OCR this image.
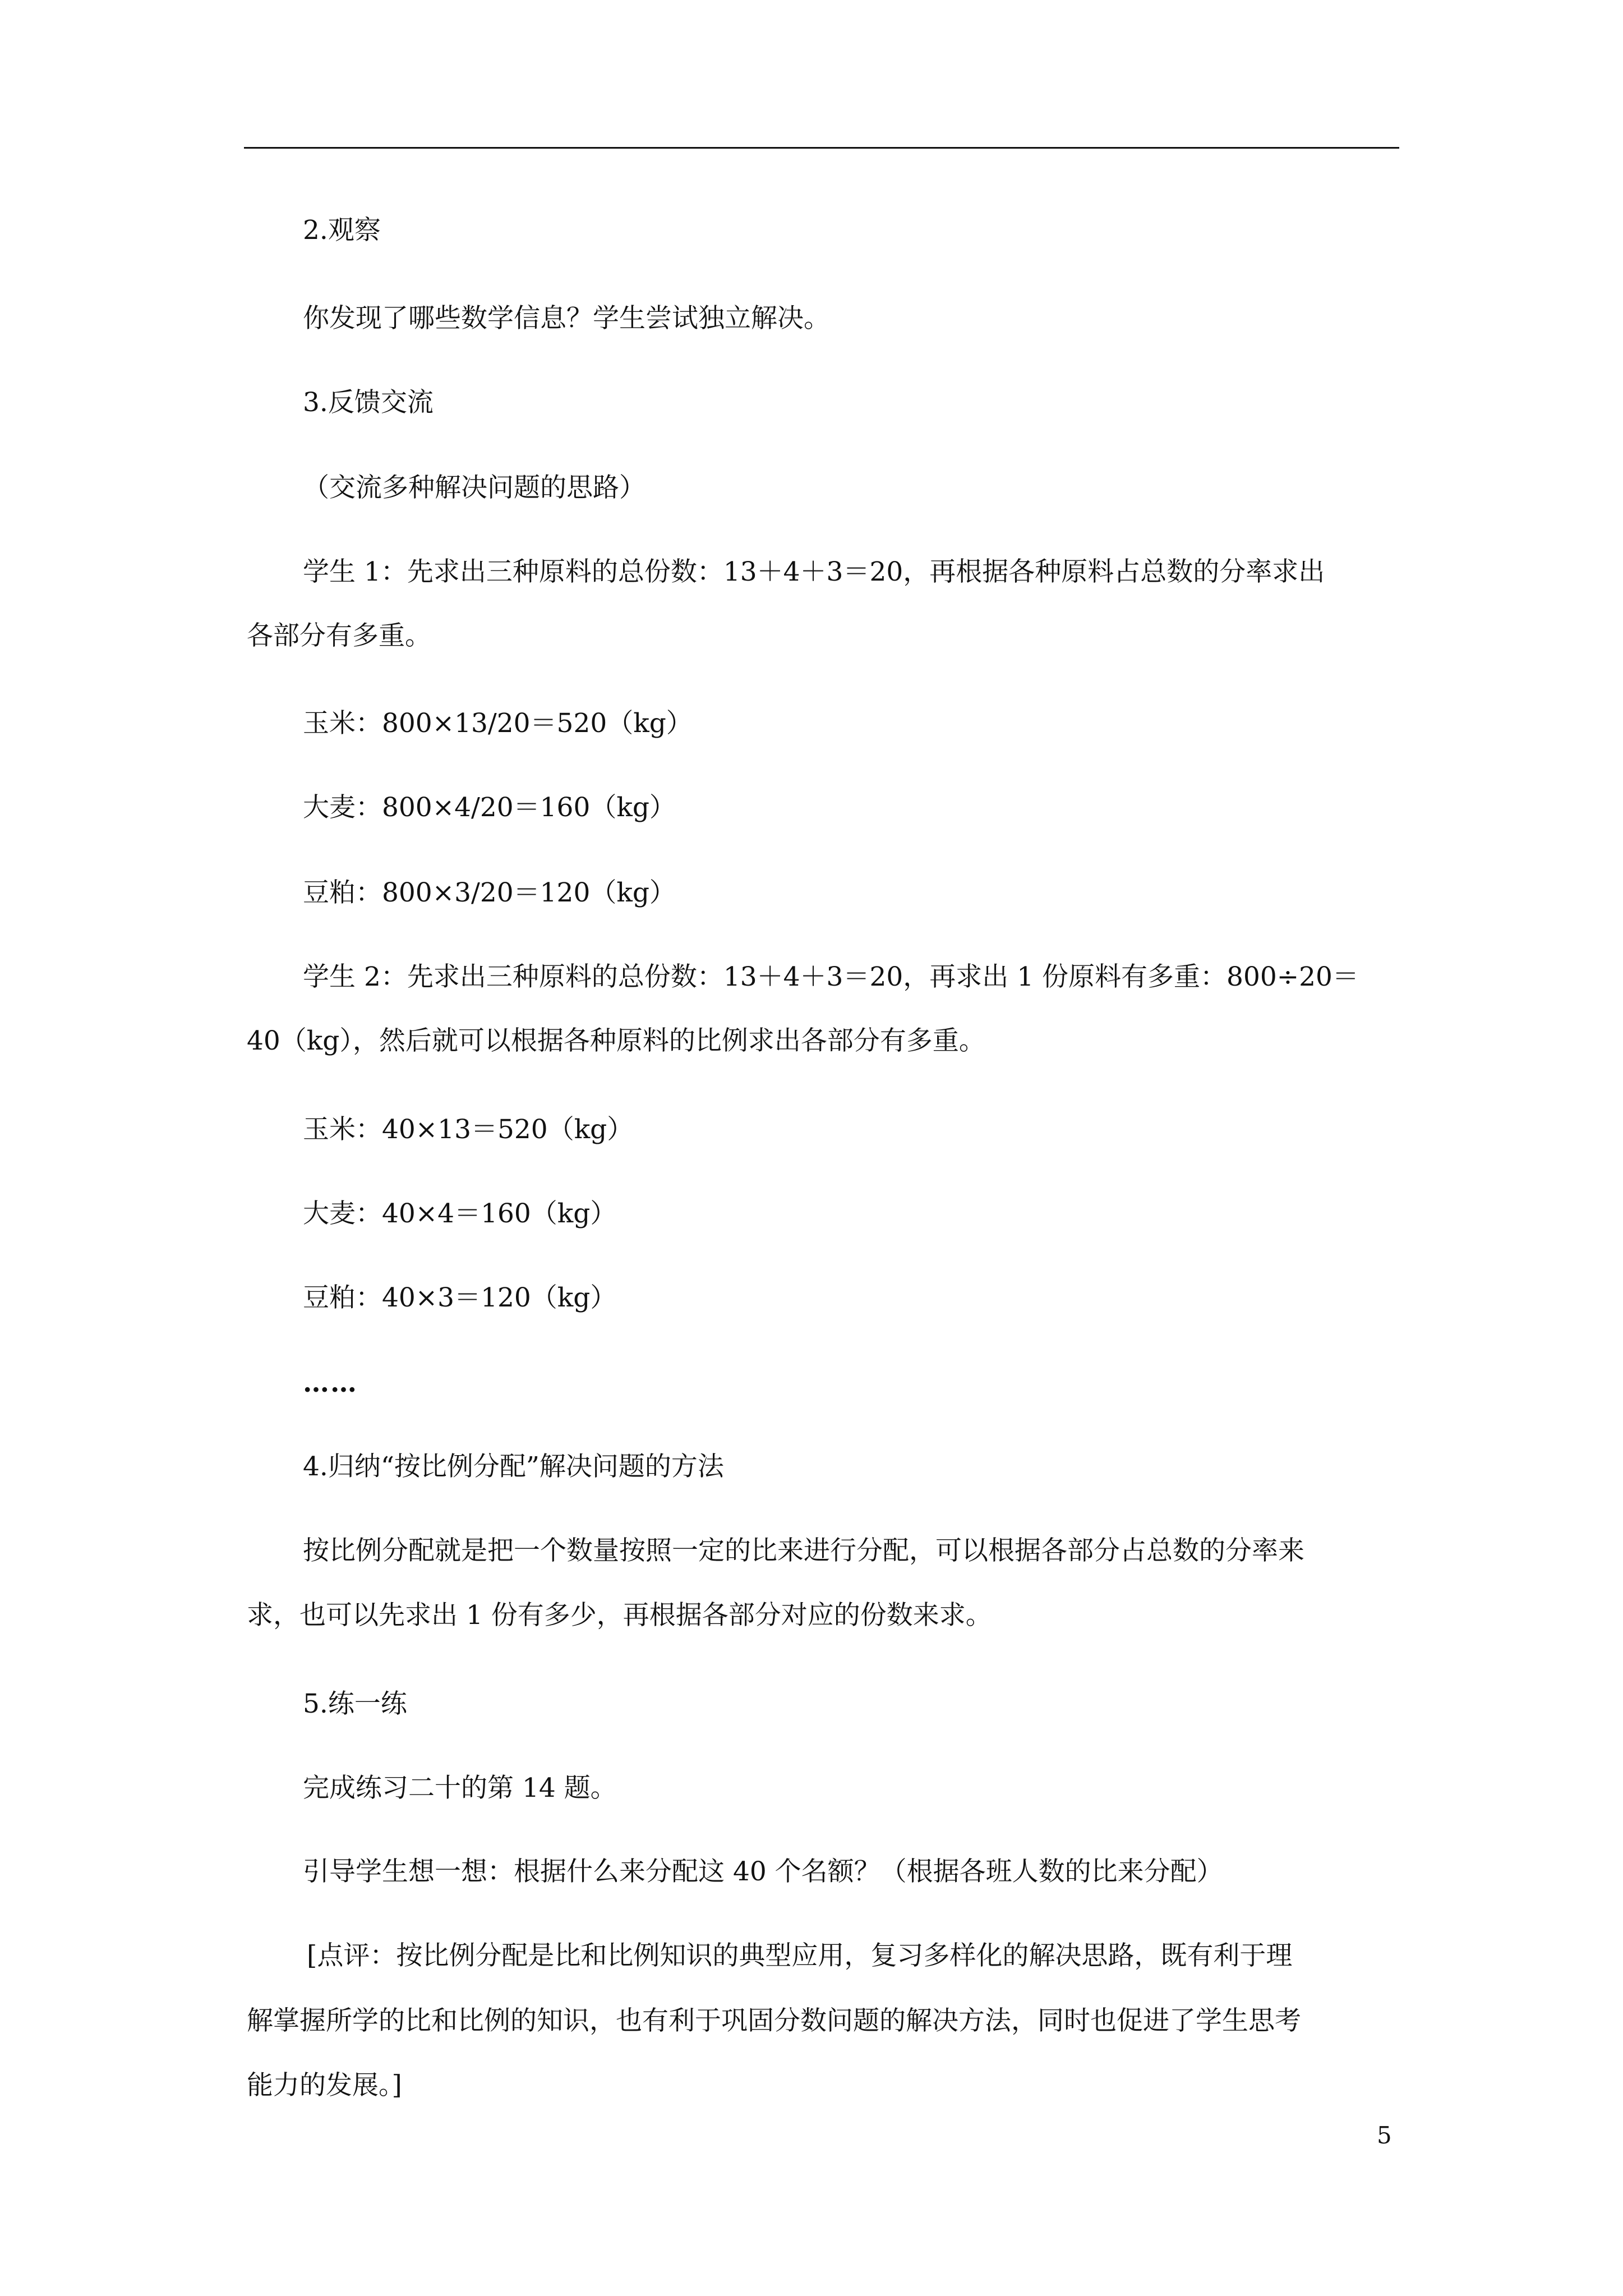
2.观察
你发现了哪些数学信息？学生尝试独立解决。
3.反馈交流
（交流多种解决问题的思路）
学生 1：先求出三种原料的总份数：13＋4＋3＝20，再根据各种原料占总数的分率求出
各部分有多重。
玉米：800×13/20＝520（kg）
大麦：800×4/20＝160（kg）
豆粕：800×3/20＝120（kg）
学生 2：先求出三种原料的总份数：13＋4＋3＝20，再求出 1 份原料有多重：800÷20＝
40（kg），然后就可以根据各种原料的比例求出各部分有多重。
玉米：40×13＝520（kg）
大麦：40×4＝160（kg）
豆粕：40×3＝120（kg）
……
4.归纳“按比例分配”解决问题的方法
按比例分配就是把一个数量按照一定的比来进行分配，可以根据各部分占总数的分率来
求，也可以先求出 1 份有多少，再根据各部分对应的份数来求。
5.练一练
完成练习二十的第 14 题。
引导学生想一想：根据什么来分配这 40 个名额？（根据各班人数的比来分配）
[点评：按比例分配是比和比例知识的典型应用，复习多样化的解决思路，既有利于理
解掌握所学的比和比例的知识，也有利于巩固分数问题的解决方法，同时也促进了学生思考
能力的发展。]
5
